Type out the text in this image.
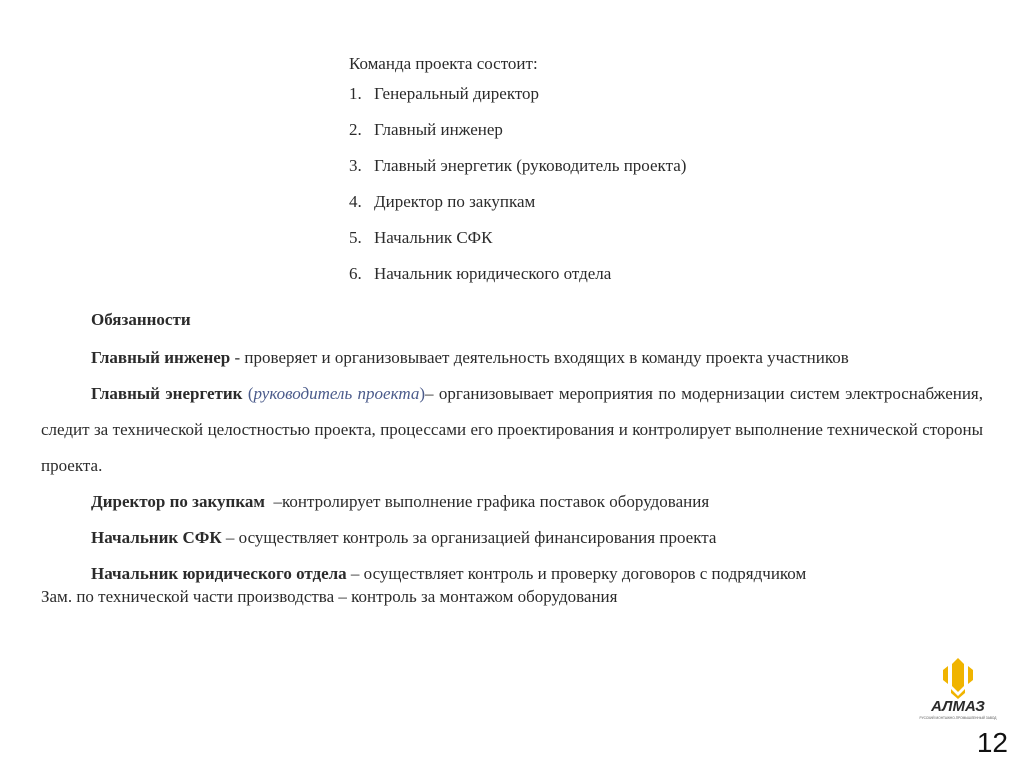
Команда проекта состоит:
1. Генеральный директор
2. Главный инженер
3. Главный энергетик (руководитель проекта)
4. Директор по закупкам
5. Начальник СФК
6. Начальник юридического отдела
Обязанности
Главный инженер - проверяет и организовывает деятельность входящих в команду проекта участников
Главный энергетик (руководитель проекта)– организовывает мероприятия по модернизации систем электроснабжения, следит за технической целостностью проекта, процессами его проектирования и контролирует выполнение технической стороны проекта.
Директор по закупкам  –контролирует выполнение графика поставок оборудования
Начальник СФК – осуществляет контроль за организацией финансирования проекта
Начальник юридического отдела – осуществляет контроль и проверку договоров с подрядчиком
Зам. по технической части производства – контроль за монтажом оборудования
АЛМАЗ
РУССКИЙ МОНТАЖНО-ПРОМЫШЛЕННЫЙ ЗАВОД
12
